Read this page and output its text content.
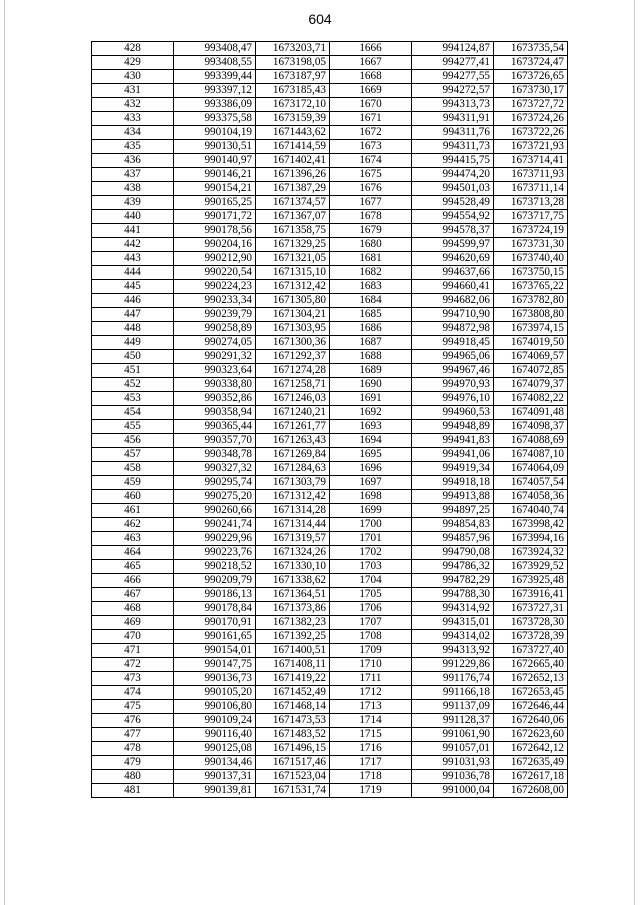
604
428	993408,47	1673203,71	1666	994124,87	1673735,54
429	993408,55	1673198,05	1667	994277,41	1673724,47
430	993399,44	1673187,97	1668	994277,55	1673726,65
431	993397,12	1673185,43	1669	994272,57	1673730,17
432	993386,09	1673172,10	1670	994313,73	1673727,72
433	993375,58	1673159,39	1671	994311,91	1673724,26
434	990104,19	1671443,62	1672	994311,76	1673722,26
435	990130,51	1671414,59	1673	994311,73	1673721,93
436	990140,97	1671402,41	1674	994415,75	1673714,41
437	990146,21	1671396,26	1675	994474,20	1673711,93
438	990154,21	1671387,29	1676	994501,03	1673711,14
439	990165,25	1671374,57	1677	994528,49	1673713,28
440	990171,72	1671367,07	1678	994554,92	1673717,75
441	990178,56	1671358,75	1679	994578,37	1673724,19
442	990204,16	1671329,25	1680	994599,97	1673731,30
443	990212,90	1671321,05	1681	994620,69	1673740,40
444	990220,54	1671315,10	1682	994637,66	1673750,15
445	990224,23	1671312,42	1683	994660,41	1673765,22
446	990233,34	1671305,80	1684	994682,06	1673782,80
447	990239,79	1671304,21	1685	994710,90	1673808,80
448	990258,89	1671303,95	1686	994872,98	1673974,15
449	990274,05	1671300,36	1687	994918,45	1674019,50
450	990291,32	1671292,37	1688	994965,06	1674069,57
451	990323,64	1671274,28	1689	994967,46	1674072,85
452	990338,80	1671258,71	1690	994970,93	1674079,37
453	990352,86	1671246,03	1691	994976,10	1674082,22
454	990358,94	1671240,21	1692	994960,53	1674091,48
455	990365,44	1671261,77	1693	994948,89	1674098,37
456	990357,70	1671263,43	1694	994941,83	1674088,69
457	990348,78	1671269,84	1695	994941,06	1674087,10
458	990327,32	1671284,63	1696	994919,34	1674064,09
459	990295,74	1671303,79	1697	994918,18	1674057,54
460	990275,20	1671312,42	1698	994913,88	1674058,36
461	990260,66	1671314,28	1699	994897,25	1674040,74
462	990241,74	1671314,44	1700	994854,83	1673998,42
463	990229,96	1671319,57	1701	994857,96	1673994,16
464	990223,76	1671324,26	1702	994790,08	1673924,32
465	990218,52	1671330,10	1703	994786,32	1673929,52
466	990209,79	1671338,62	1704	994782,29	1673925,48
467	990186,13	1671364,51	1705	994788,30	1673916,41
468	990178,84	1671373,86	1706	994314,92	1673727,31
469	990170,91	1671382,23	1707	994315,01	1673728,30
470	990161,65	1671392,25	1708	994314,02	1673728,39
471	990154,01	1671400,51	1709	994313,92	1673727,40
472	990147,75	1671408,11	1710	991229,86	1672665,40
473	990136,73	1671419,22	1711	991176,74	1672652,13
474	990105,20	1671452,49	1712	991166,18	1672653,45
475	990106,80	1671468,14	1713	991137,09	1672646,44
476	990109,24	1671473,53	1714	991128,37	1672640,06
477	990116,40	1671483,52	1715	991061,90	1672623,60
478	990125,08	1671496,15	1716	991057,01	1672642,12
479	990134,46	1671517,46	1717	991031,93	1672635,49
480	990137,31	1671523,04	1718	991036,78	1672617,18
481	990139,81	1671531,74	1719	991000,04	1672608,00
